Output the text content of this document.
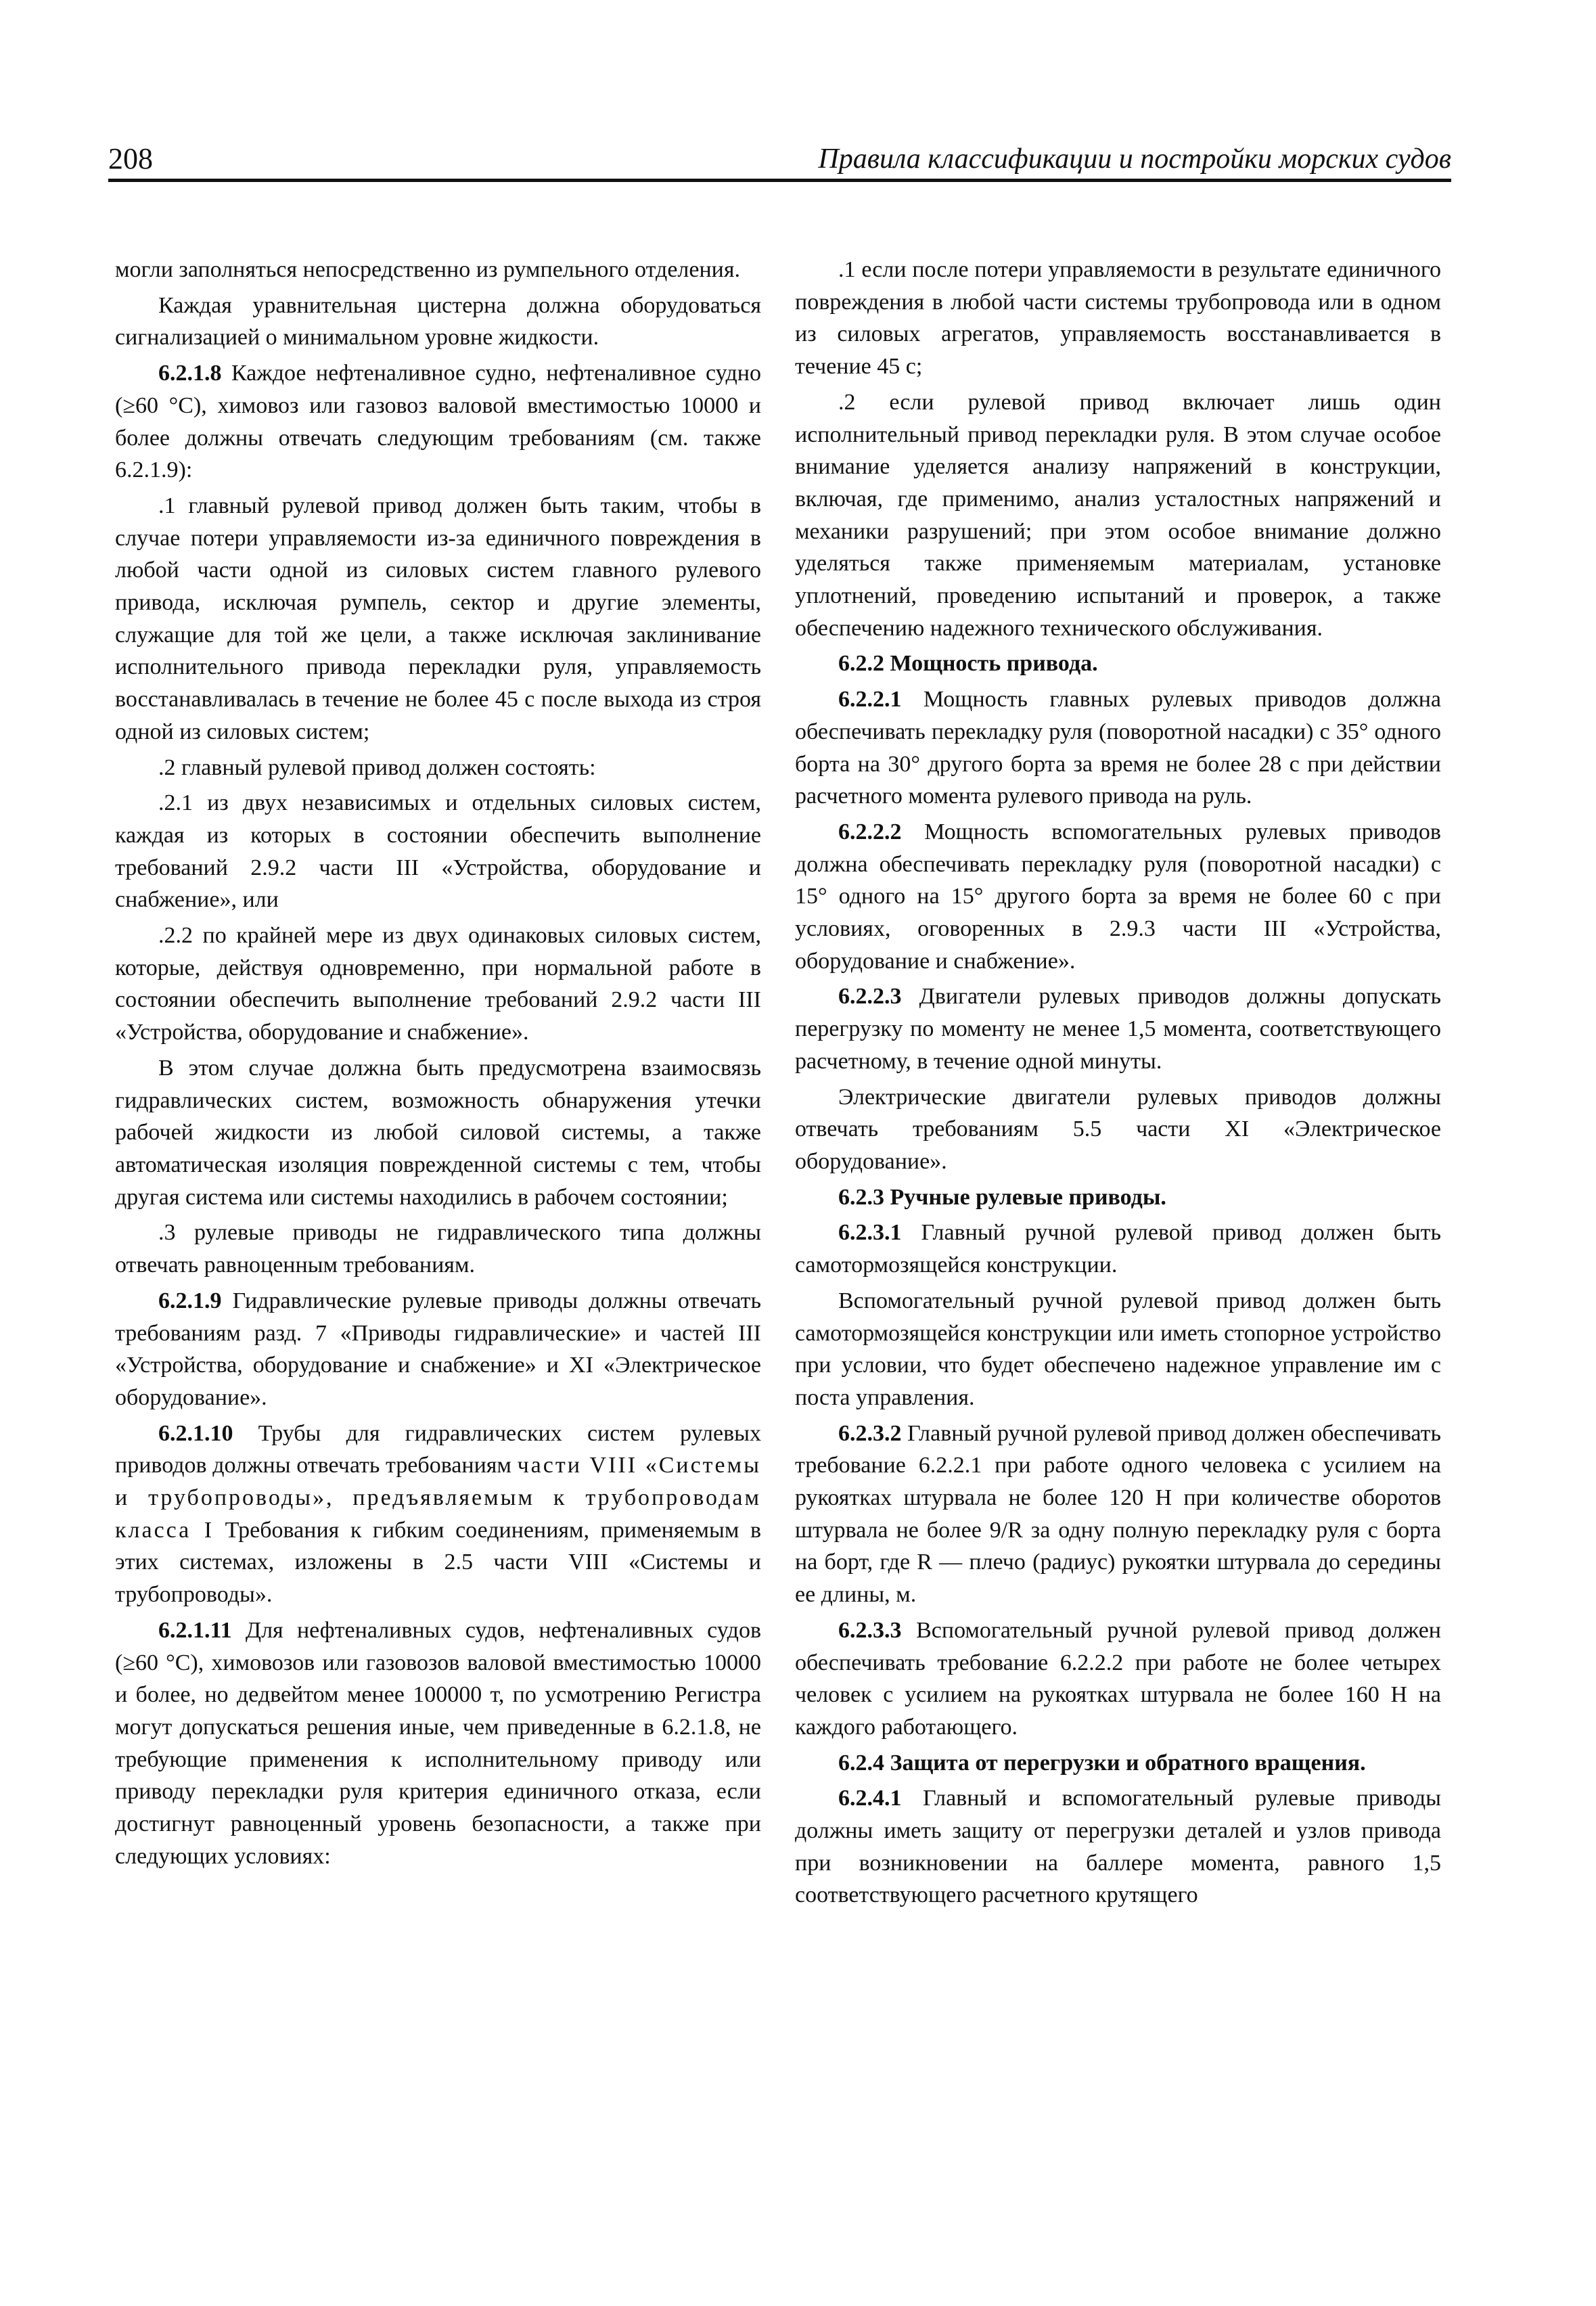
208	Правила классификации и постройки морских судов

могли заполняться непосредственно из румпельного отделения.

Каждая уравнительная цистерна должна оборудоваться сигнализацией о минимальном уровне жидкости.

6.2.1.8 Каждое нефтеналивное судно, нефтеналивное судно (≥60 °С), химовоз или газовоз валовой вместимостью 10000 и более должны отвечать следующим требованиям (см. также 6.2.1.9):

.1 главный рулевой привод должен быть таким, чтобы в случае потери управляемости из-за единичного повреждения в любой части одной из силовых систем главного рулевого привода, исключая румпель, сектор и другие элементы, служащие для той же цели, а также исключая заклинивание исполнительного привода перекладки руля, управляемость восстанавливалась в течение не более 45 с после выхода из строя одной из силовых систем;

.2 главный рулевой привод должен состоять:

.2.1 из двух независимых и отдельных силовых систем, каждая из которых в состоянии обеспечить выполнение требований 2.9.2 части III «Устройства, оборудование и снабжение», или

.2.2 по крайней мере из двух одинаковых силовых систем, которые, действуя одновременно, при нормальной работе в состоянии обеспечить выполнение требований 2.9.2 части III «Устройства, оборудование и снабжение».

В этом случае должна быть предусмотрена взаимосвязь гидравлических систем, возможность обнаружения утечки рабочей жидкости из любой силовой системы, а также автоматическая изоляция поврежденной системы с тем, чтобы другая система или системы находились в рабочем состоянии;

.3 рулевые приводы не гидравлического типа должны отвечать равноценным требованиям.

6.2.1.9 Гидравлические рулевые приводы должны отвечать требованиям разд. 7 «Приводы гидравлические» и частей III «Устройства, оборудование и снабжение» и XI «Электрическое оборудование».

6.2.1.10 Трубы для гидравлических систем рулевых приводов должны отвечать требованиям части VIII «Системы и трубопроводы», предъявляемым к трубопроводам класса I Требования к гибким соединениям, применяемым в этих системах, изложены в 2.5 части VIII «Системы и трубопроводы».

6.2.1.11 Для нефтеналивных судов, нефтеналивных судов (≥60 °С), химовозов или газовозов валовой вместимостью 10000 и более, но дедвейтом менее 100000 т, по усмотрению Регистра могут допускаться решения иные, чем приведенные в 6.2.1.8, не требующие применения к исполнительному приводу или приводу перекладки руля критерия единичного отказа, если достигнут равноценный уровень безопасности, а также при следующих условиях:

.1 если после потери управляемости в результате единичного повреждения в любой части системы трубопровода или в одном из силовых агрегатов, управляемость восстанавливается в течение 45 с;

.2 если рулевой привод включает лишь один исполнительный привод перекладки руля. В этом случае особое внимание уделяется анализу напряжений в конструкции, включая, где применимо, анализ усталостных напряжений и механики разрушений; при этом особое внимание должно уделяться также применяемым материалам, установке уплотнений, проведению испытаний и проверок, а также обеспечению надежного технического обслуживания.

6.2.2 Мощность привода.

6.2.2.1 Мощность главных рулевых приводов должна обеспечивать перекладку руля (поворотной насадки) с 35° одного борта на 30° другого борта за время не более 28 с при действии расчетного момента рулевого привода на руль.

6.2.2.2 Мощность вспомогательных рулевых приводов должна обеспечивать перекладку руля (поворотной насадки) с 15° одного на 15° другого борта за время не более 60 с при условиях, оговоренных в 2.9.3 части III «Устройства, оборудование и снабжение».

6.2.2.3 Двигатели рулевых приводов должны допускать перегрузку по моменту не менее 1,5 момента, соответствующего расчетному, в течение одной минуты.

Электрические двигатели рулевых приводов должны отвечать требованиям 5.5 части XI «Электрическое оборудование».

6.2.3 Ручные рулевые приводы.

6.2.3.1 Главный ручной рулевой привод должен быть самотормозящейся конструкции.

Вспомогательный ручной рулевой привод должен быть самотормозящейся конструкции или иметь стопорное устройство при условии, что будет обеспечено надежное управление им с поста управления.

6.2.3.2 Главный ручной рулевой привод должен обеспечивать требование 6.2.2.1 при работе одного человека с усилием на рукоятках штурвала не более 120 Н при количестве оборотов штурвала не более 9/R за одну полную перекладку руля с борта на борт, где R — плечо (радиус) рукоятки штурвала до середины ее длины, м.

6.2.3.3 Вспомогательный ручной рулевой привод должен обеспечивать требование 6.2.2.2 при работе не более четырех человек с усилием на рукоятках штурвала не более 160 Н на каждого работающего.

6.2.4 Защита от перегрузки и обратного вращения.

6.2.4.1 Главный и вспомогательный рулевые приводы должны иметь защиту от перегрузки деталей и узлов привода при возникновении на баллере момента, равного 1,5 соответствующего расчетного крутящего
